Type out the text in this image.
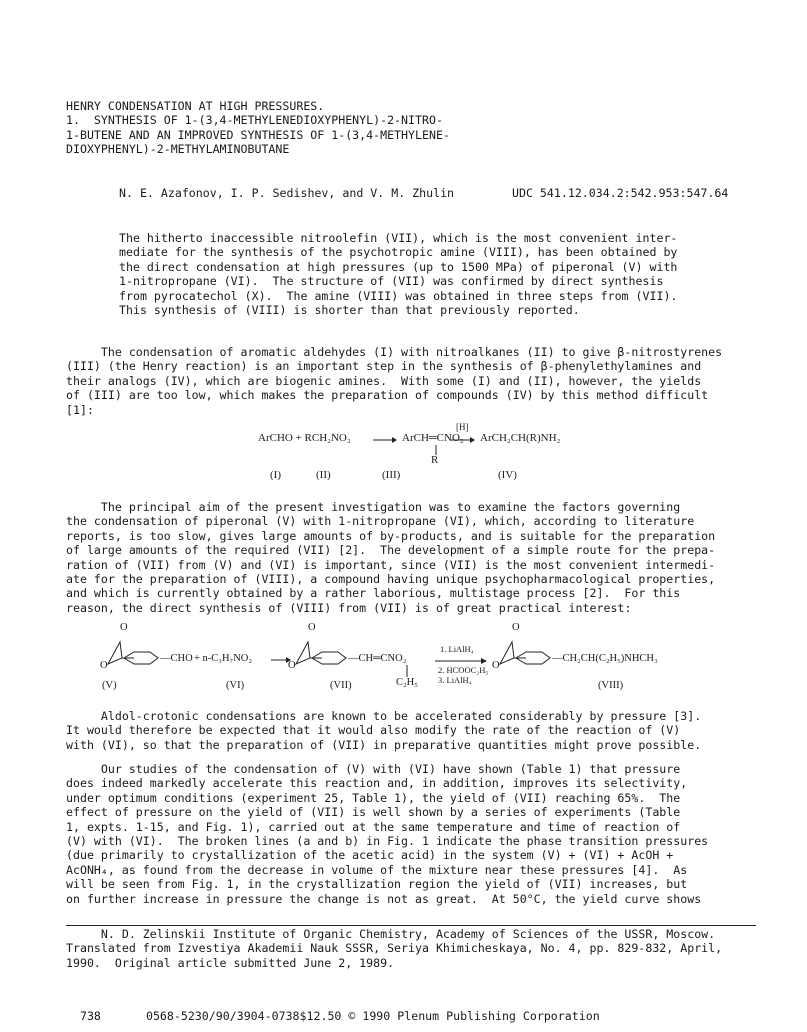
HENRY CONDENSATION AT HIGH PRESSURES.
1.  SYNTHESIS OF 1-(3,4-METHYLENEDIOXYPHENYL)-2-NITRO-
1-BUTENE AND AN IMPROVED SYNTHESIS OF 1-(3,4-METHYLENE-
DIOXYPHENYL)-2-METHYLAMINOBUTANE
N. E. Azafonov, I. P. Sedishev, and V. M. Zhulin	UDC 541.12.034.2:542.953:547.64
The hitherto inaccessible nitroolefin (VII), which is the most convenient inter-
mediate for the synthesis of the psychotropic amine (VIII), has been obtained by
the direct condensation at high pressures (up to 1500 MPa) of piperonal (V) with
1-nitropropane (VI).  The structure of (VII) was confirmed by direct synthesis
from pyrocatechol (X).  The amine (VIII) was obtained in three steps from (VII).
This synthesis of (VIII) is shorter than that previously reported.
The condensation of aromatic aldehydes (I) with nitroalkanes (II) to give β-nitrostyrenes
(III) (the Henry reaction) is an important step in the synthesis of β-phenylethylamines and
their analogs (IV), which are biogenic amines.  With some (I) and (II), however, the yields
of (III) are too low, which makes the preparation of compounds (IV) by this method difficult
[1]:
ArCHO + RCH₂NO₂ → ArCH═CNO₂
[H]
→ ArCH₂CH(R)NH₂
R
(I)	(II)	(III)	(IV)
The principal aim of the present investigation was to examine the factors governing
the condensation of piperonal (V) with 1-nitropropane (VI), which, according to literature
reports, is too slow, gives large amounts of by-products, and is suitable for the preparation
of large amounts of the required (VII) [2].  The development of a simple route for the prepa-
ration of (VII) from (V) and (VI) is important, since (VII) is the most convenient intermedi-
ate for the preparation of (VIII), a compound having unique psychopharmacological properties,
and which is currently obtained by a rather laborious, multistage process [2].  For this
reason, the direct synthesis of (VIII) from (VII) is of great practical interest:
O
O
—CHO + n-C₃H₇NO₂
O
O
—CH═CNO₂
C₂H₅
1. LiAlH₄
2. HCOOC₂H₅
3. LiAlH₄
O
O
—CH₂CH(C₂H₅)NHCH₃
(V)	(VI)	(VII)	(VIII)
Aldol-crotonic condensations are known to be accelerated considerably by pressure [3].
It would therefore be expected that it would also modify the rate of the reaction of (V)
with (VI), so that the preparation of (VII) in preparative quantities might prove possible.
Our studies of the condensation of (V) with (VI) have shown (Table 1) that pressure
does indeed markedly accelerate this reaction and, in addition, improves its selectivity,
under optimum conditions (experiment 25, Table 1), the yield of (VII) reaching 65%.  The
effect of pressure on the yield of (VII) is well shown by a series of experiments (Table
1, expts. 1-15, and Fig. 1), carried out at the same temperature and time of reaction of
(V) with (VI).  The broken lines (a and b) in Fig. 1 indicate the phase transition pressures
(due primarily to crystallization of the acetic acid) in the system (V) + (VI) + AcOH +
AcONH₄, as found from the decrease in volume of the mixture near these pressures [4].  As
will be seen from Fig. 1, in the crystallization region the yield of (VII) increases, but
on further increase in pressure the change is not as great.  At 50°C, the yield curve shows
N. D. Zelinskii Institute of Organic Chemistry, Academy of Sciences of the USSR, Moscow.
Translated from Izvestiya Akademii Nauk SSSR, Seriya Khimicheskaya, No. 4, pp. 829-832, April,
1990.  Original article submitted June 2, 1989.

738	0568-5230/90/3904-0738$12.50 © 1990 Plenum Publishing Corporation
